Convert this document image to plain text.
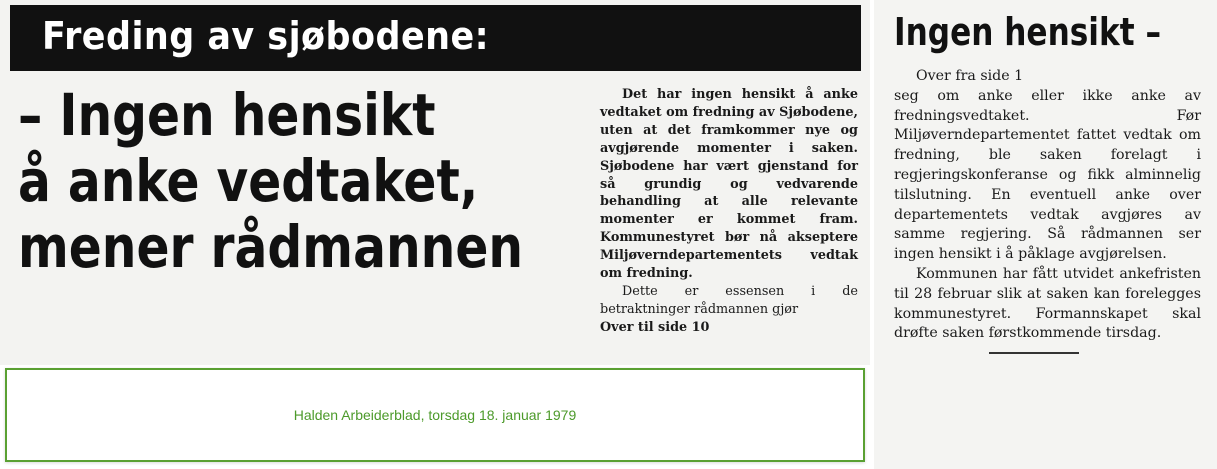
Freding av sjøbodene:
– Ingen hensikt
å anke vedtaket,
mener rådmannen

Det har ingen hensikt å anke vedtaket om fredning av Sjøbodene, uten at det framkommer nye og avgjørende momenter i saken. Sjøbodene har vært gjenstand for så grundig og vedvarende behandling at alle relevante momenter er kommet fram. Kommunestyret bør nå akseptere Miljøverndepartementets vedtak om fredning.

Dette er essensen i de betraktninger rådmannen gjør

Over til side 10

Ingen hensikt –

Over fra side 1

seg om anke eller ikke anke av fredningsvedtaket. Før Miljøverndepartementet fattet vedtak om fredning, ble saken forelagt i regjeringskonferanse og fikk alminnelig tilslutning. En eventuell anke over departementets vedtak avgjøres av samme regjering. Så rådmannen ser ingen hensikt i å påklage avgjørelsen.

Kommunen har fått utvidet ankefristen til 28 februar slik at saken kan forelegges kommunestyret. Formannskapet skal drøfte saken førstkommende tirsdag.

Halden Arbeiderblad, torsdag 18. januar 1979
